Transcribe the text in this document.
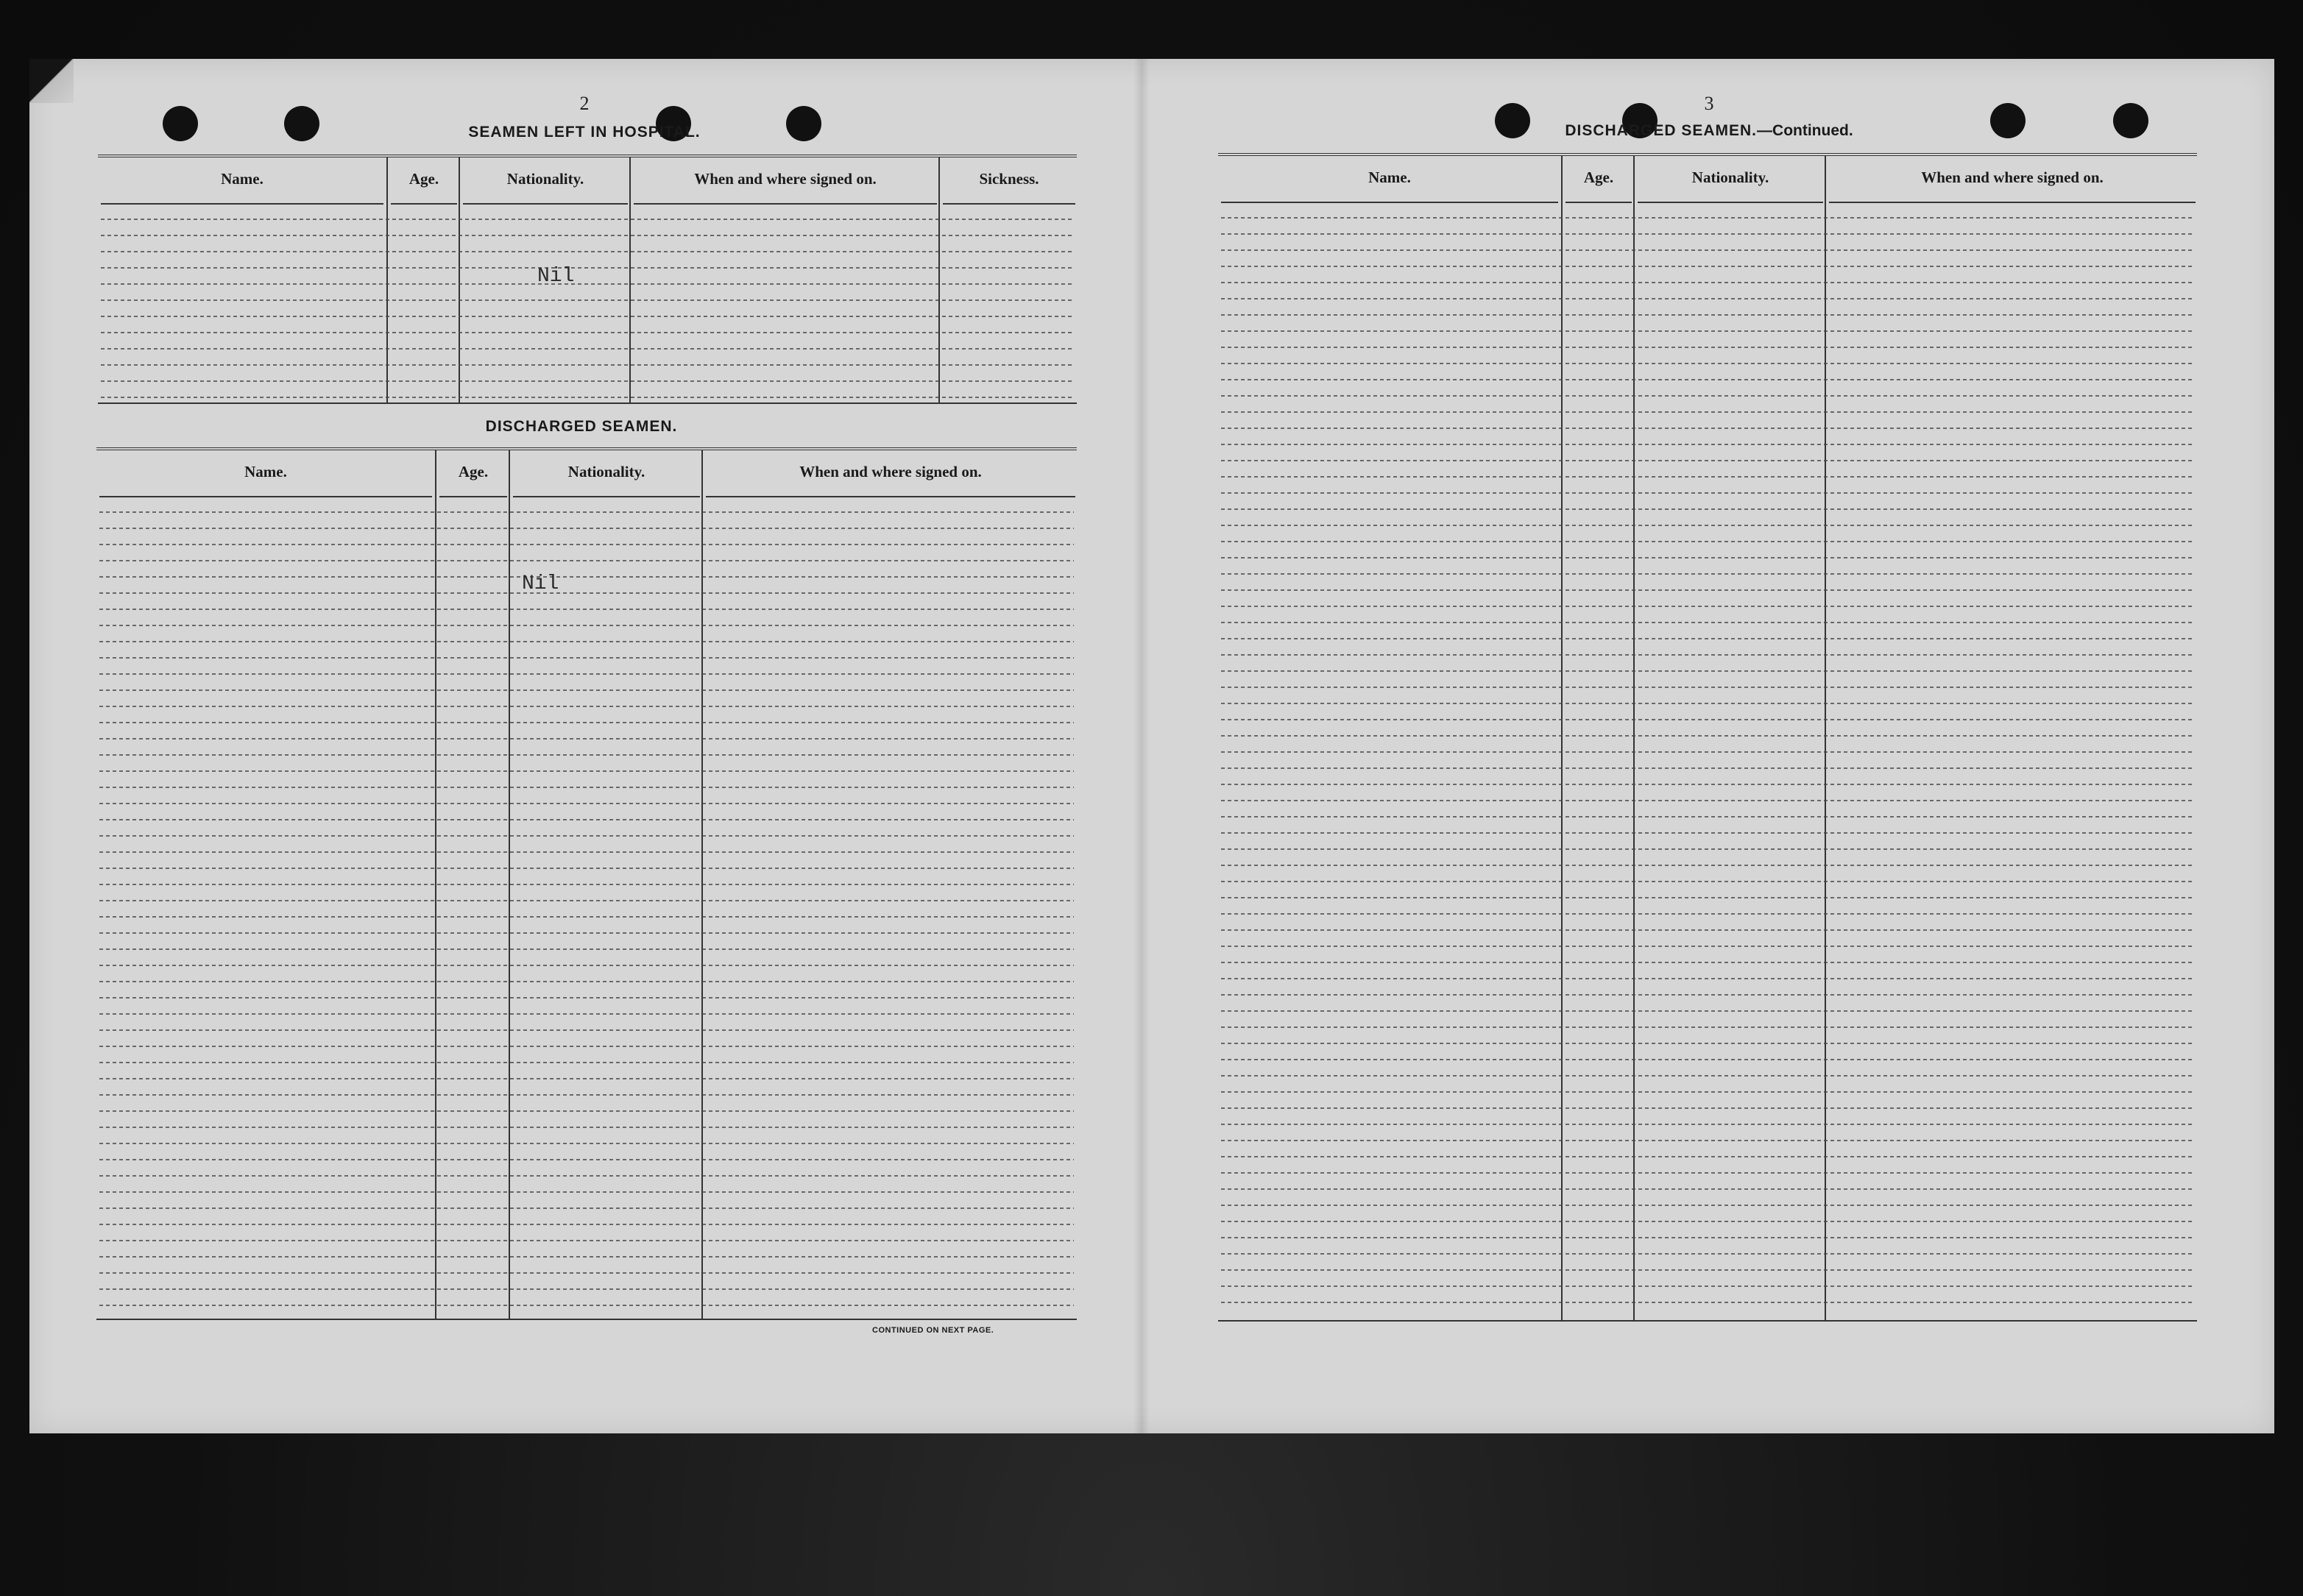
2
SEAMEN LEFT IN HOSPITAL.
Name.	Age.	Nationality.	When and where signed on.	Sickness.
Nil
DISCHARGED SEAMEN.
Name.	Age.	Nationality.	When and where signed on.
Nil
CONTINUED ON NEXT PAGE.
3
DISCHARGED SEAMEN.—Continued.
Name.	Age.	Nationality.	When and where signed on.
